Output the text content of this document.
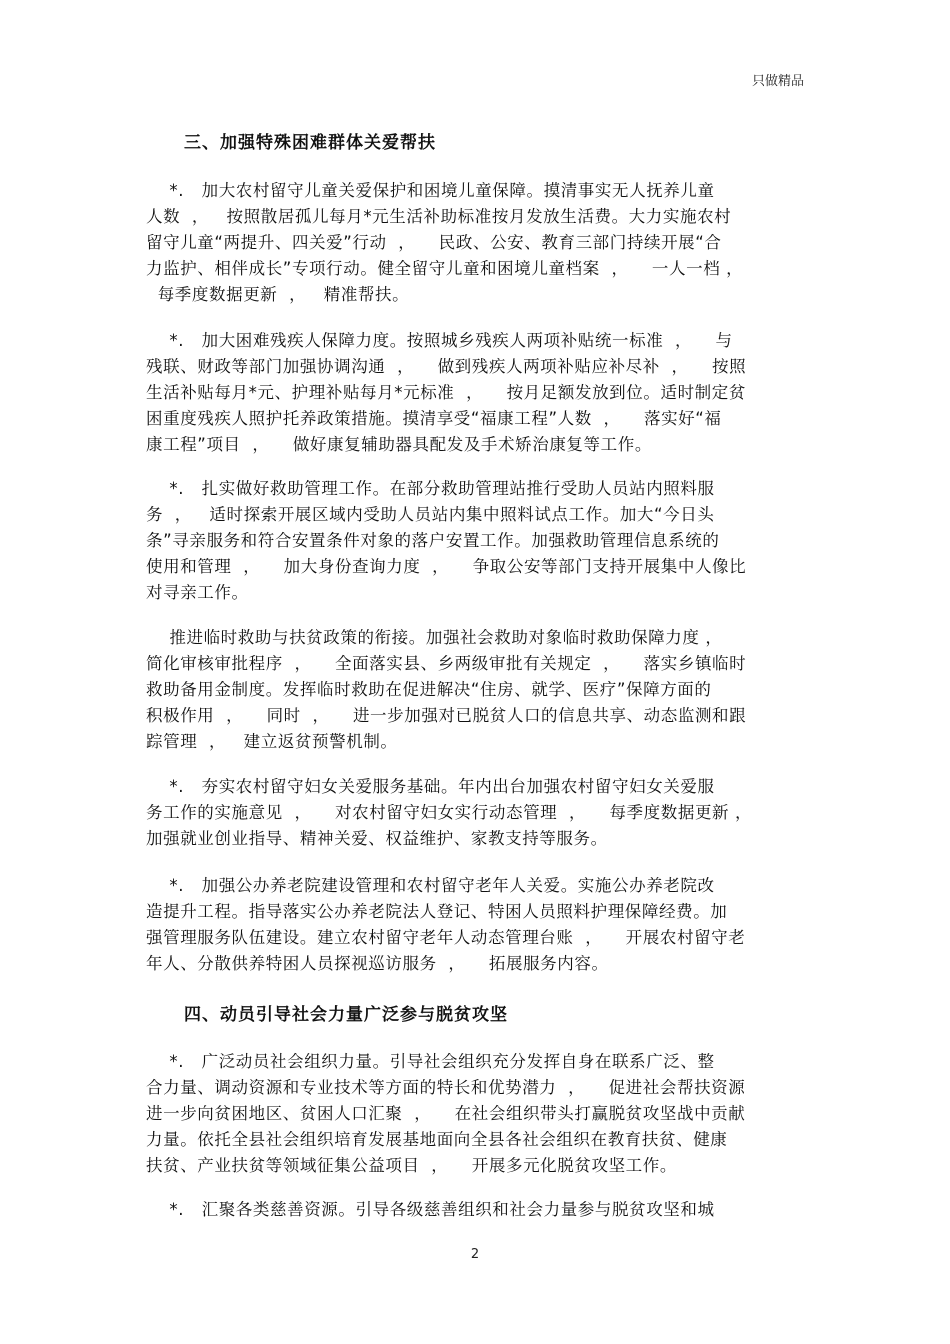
只做精品
三、加强特殊困难群体关爱帮扶
*.   加大农村留守儿童关爱保护和困境儿童保障。摸清事实无人抚养儿童
人数  ，   按照散居孤儿每月*元生活补助标准按月发放生活费。大力实施农村
留守儿童“两提升、四关爱”行动  ，    民政、公安、教育三部门持续开展“合
力监护、相伴成长”专项行动。健全留守儿童和困境儿童档案  ，    一人一档 ，
每季度数据更新  ，   精准帮扶。
*.   加大困难残疾人保障力度。按照城乡残疾人两项补贴统一标准  ，    与
残联、财政等部门加强协调沟通  ，    做到残疾人两项补贴应补尽补  ，    按照
生活补贴每月*元、护理补贴每月*元标准  ，    按月足额发放到位。适时制定贫
困重度残疾人照护托养政策措施。摸清享受“福康工程”人数  ，    落实好“福
康工程”项目  ，    做好康复辅助器具配发及手术矫治康复等工作。
*.   扎实做好救助管理工作。在部分救助管理站推行受助人员站内照料服
务  ，   适时探索开展区域内受助人员站内集中照料试点工作。加大“今日头
条”寻亲服务和符合安置条件对象的落户安置工作。加强救助管理信息系统的
使用和管理  ，    加大身份查询力度  ，    争取公安等部门支持开展集中人像比
对寻亲工作。
推进临时救助与扶贫政策的衔接。加强社会救助对象临时救助保障力度 ，
简化审核审批程序  ，    全面落实县、乡两级审批有关规定  ，    落实乡镇临时
救助备用金制度。发挥临时救助在促进解决“住房、就学、医疗”保障方面的
积极作用  ，    同时  ，    进一步加强对已脱贫人口的信息共享、动态监测和跟
踪管理  ，   建立返贫预警机制。
*.   夯实农村留守妇女关爱服务基础。年内出台加强农村留守妇女关爱服
务工作的实施意见  ，    对农村留守妇女实行动态管理  ，    每季度数据更新 ，
加强就业创业指导、精神关爱、权益维护、家教支持等服务。
*.   加强公办养老院建设管理和农村留守老年人关爱。实施公办养老院改
造提升工程。指导落实公办养老院法人登记、特困人员照料护理保障经费。加
强管理服务队伍建设。建立农村留守老年人动态管理台账  ，    开展农村留守老
年人、分散供养特困人员探视巡访服务  ，    拓展服务内容。
四、动员引导社会力量广泛参与脱贫攻坚
*.   广泛动员社会组织力量。引导社会组织充分发挥自身在联系广泛、整
合力量、调动资源和专业技术等方面的特长和优势潜力  ，    促进社会帮扶资源
进一步向贫困地区、贫困人口汇聚  ，    在社会组织带头打赢脱贫攻坚战中贡献
力量。依托全县社会组织培育发展基地面向全县各社会组织在教育扶贫、健康
扶贫、产业扶贫等领域征集公益项目  ，    开展多元化脱贫攻坚工作。
*.   汇聚各类慈善资源。引导各级慈善组织和社会力量参与脱贫攻坚和城
2
